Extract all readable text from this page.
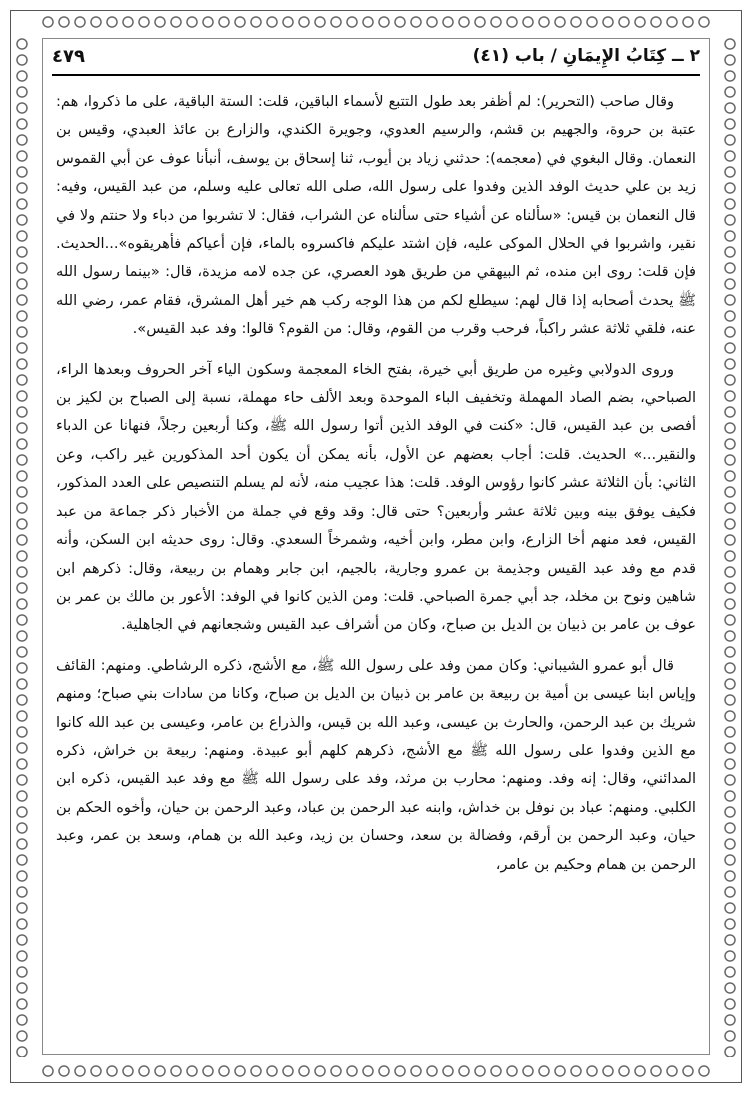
٢ ــ كِتَابُ الإِيمَانِ / باب (٤١)
٤٧٩

وقال صاحب (التحرير): لم أظفر بعد طول التتبع لأسماء الباقين، قلت: الستة الباقية، على ما ذكروا، هم: عتبة بن حروة، والجهيم بن قشم، والرسيم العدوي، وجويرة الكندي، والزارع بن عائذ العبدي، وقيس بن النعمان. وقال البغوي في (معجمه): حدثني زياد بن أيوب، ثنا إسحاق بن يوسف، أنبأنا عوف عن أبي القموس زيد بن علي حديث الوفد الذين وفدوا على رسول الله، صلى الله تعالى عليه وسلم، من عبد القيس، وفيه: قال النعمان بن قيس: «سألناه عن أشياء حتى سألناه عن الشراب، فقال: لا تشربوا من دباء ولا حنتم ولا في نقير، واشربوا في الحلال الموكى عليه، فإن اشتد عليكم فاكسروه بالماء، فإن أعياكم فأهريقوه»...الحديث. فإن قلت: روى ابن منده، ثم البيهقي من طريق هود العصري، عن جده لامه مزيدة، قال: «بينما رسول الله ﷺ يحدث أصحابه إذا قال لهم: سيطلع لكم من هذا الوجه ركب هم خير أهل المشرق، فقام عمر، رضي الله عنه، فلقي ثلاثة عشر راكباً، فرحب وقرب من القوم، وقال: من القوم؟ قالوا: وفد عبد القيس».

وروى الدولابي وغيره من طريق أبي خيرة، بفتح الخاء المعجمة وسكون الياء آخر الحروف وبعدها الراء، الصباحي، بضم الصاد المهملة وتخفيف الباء الموحدة وبعد الألف حاء مهملة، نسبة إلى الصباح بن لكيز بن أفصى بن عبد القيس، قال: «كنت في الوفد الذين أتوا رسول الله ﷺ، وكنا أربعين رجلاً، فنهانا عن الدباء والنقير...» الحديث. قلت: أجاب بعضهم عن الأول، بأنه يمكن أن يكون أحد المذكورين غير راكب، وعن الثاني: بأن الثلاثة عشر كانوا رؤوس الوفد. قلت: هذا عجيب منه، لأنه لم يسلم التنصيص على العدد المذكور، فكيف يوفق بينه وبين ثلاثة عشر وأربعين؟ حتى قال: وقد وقع في جملة من الأخبار ذكر جماعة من عبد القيس، فعد منهم أخا الزارع، وابن مطر، وابن أخيه، وشمرخاً السعدي. وقال: روى حديثه ابن السكن، وأنه قدم مع وفد عبد القيس وجذيمة بن عمرو وجارية، بالجيم، ابن جابر وهمام بن ربيعة، وقال: ذكرهم ابن شاهين ونوح بن مخلد، جد أبي جمرة الصباحي. قلت: ومن الذين كانوا في الوفد: الأعور بن مالك بن عمر بن عوف بن عامر بن ذبيان بن الديل بن صباح، وكان من أشراف عبد القيس وشجعانهم في الجاهلية.

قال أبو عمرو الشيباني: وكان ممن وفد على رسول الله ﷺ، مع الأشج، ذكره الرشاطي. ومنهم: القائف وإياس ابنا عيسى بن أمية بن ربيعة بن عامر بن ذبيان بن الديل بن صباح، وكانا من سادات بني صباح؛ ومنهم شريك بن عبد الرحمن، والحارث بن عيسى، وعبد الله بن قيس، والذراع بن عامر، وعيسى بن عبد الله كانوا مع الذين وفدوا على رسول الله ﷺ مع الأشج، ذكرهم كلهم أبو عبيدة. ومنهم: ربيعة بن خراش، ذكره المدائني، وقال: إنه وفد. ومنهم: محارب بن مرثد، وفد على رسول الله ﷺ مع وفد عبد القيس، ذكره ابن الكلبي. ومنهم: عباد بن نوفل بن خداش، وابنه عبد الرحمن بن عباد، وعبد الرحمن بن حيان، وأخوه الحكم بن حيان، وعبد الرحمن بن أرقم، وفضالة بن سعد، وحسان بن زيد، وعبد الله بن همام، وسعد بن عمر، وعبد الرحمن بن همام وحكيم بن عامر،
